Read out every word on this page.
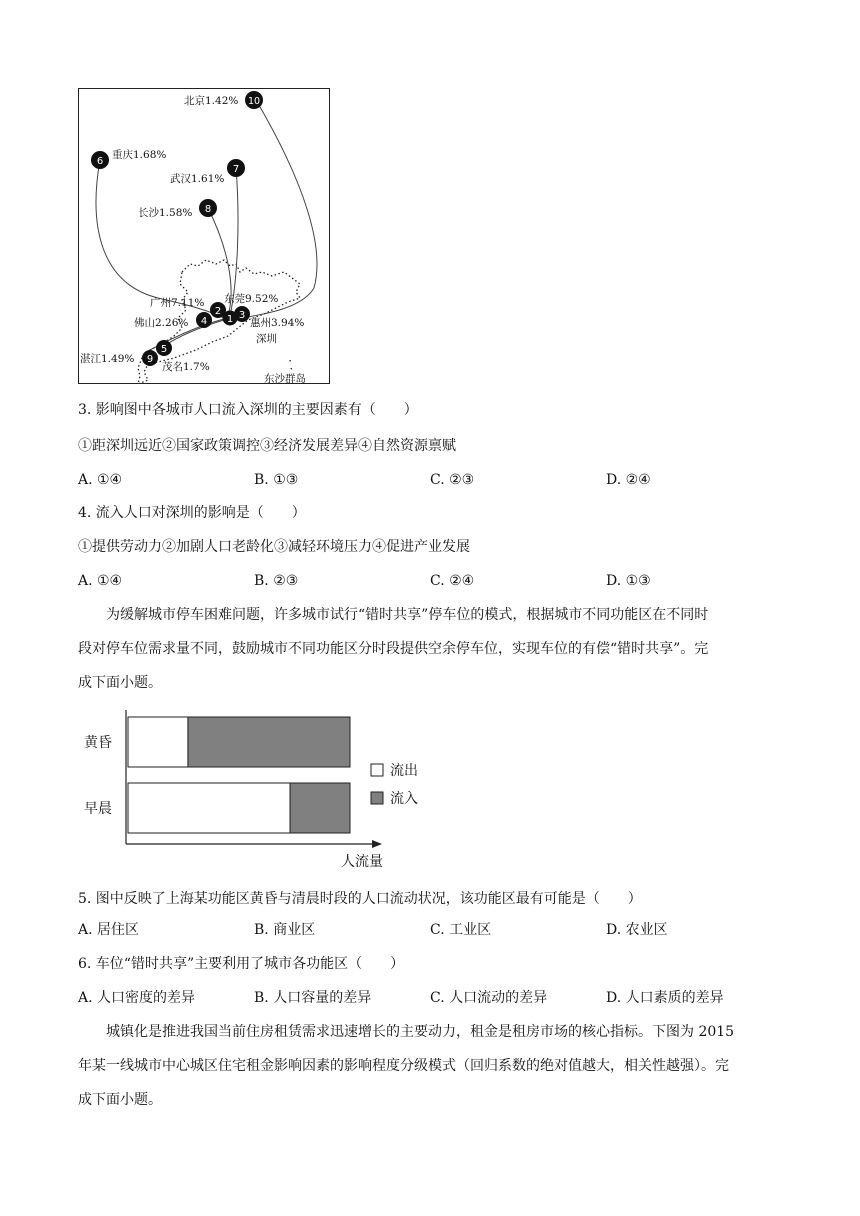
10
6
7
8
2
1
4
3
5
9
北京1.42%
重庆1.68%
武汉1.61%
长沙1.58%
广州7.11% 东莞9.52%
佛山2.26%	惠州3.94%
茂名1.7%
湛江1.49%
深圳
东沙群岛
3. 影响图中各城市人口流入深圳的主要因素有（　　）
①距深圳远近②国家政策调控③经济发展差异④自然资源禀赋
A. ①④	B. ①③	C. ②③	D. ②④
4. 流入人口对深圳的影响是（　　）
①提供劳动力②加剧人口老龄化③减轻环境压力④促进产业发展
A. ①④	B. ②③	C. ②④	D. ①③
为缓解城市停车困难问题，许多城市试行“错时共享”停车位的模式，根据城市不同功能区在不同时
段对停车位需求量不同，鼓励城市不同功能区分时段提供空余停车位，实现车位的有偿“错时共享”。完
成下面小题。
人流量
黄昏
早晨
流出
流入
5. 图中反映了上海某功能区黄昏与清晨时段的人口流动状况，该功能区最有可能是（　　）
A. 居住区	B. 商业区	C. 工业区	D. 农业区
6. 车位“错时共享”主要利用了城市各功能区（　　）
A. 人口密度的差异	B. 人口容量的差异	C. 人口流动的差异	D. 人口素质的差异
城镇化是推进我国当前住房租赁需求迅速增长的主要动力，租金是租房市场的核心指标。下图为 2015
年某一线城市中心城区住宅租金影响因素的影响程度分级模式（回归系数的绝对值越大，相关性越强）。完
成下面小题。
